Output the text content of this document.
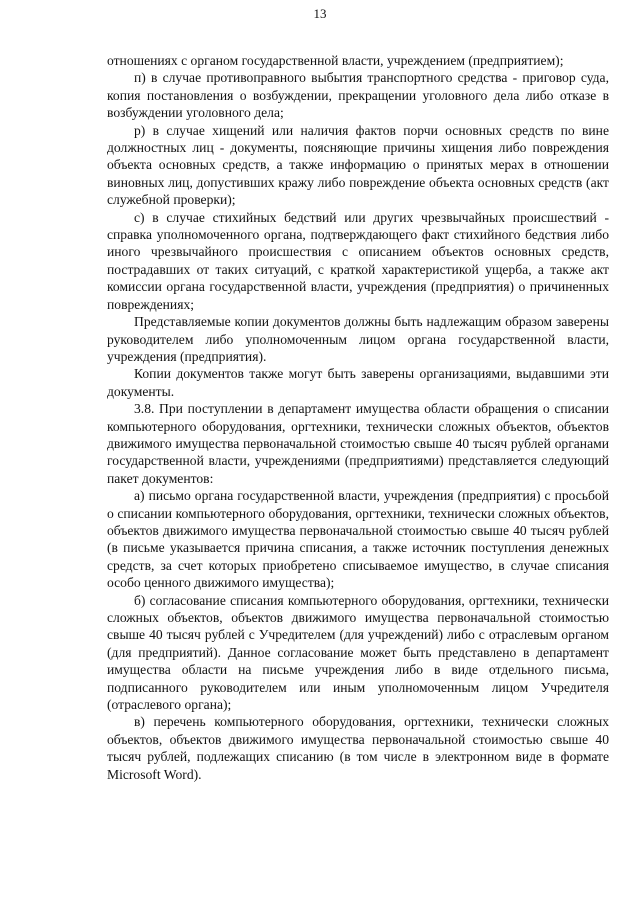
13

отношениях с органом государственной власти, учреждением (предприятием);

п) в случае противоправного выбытия транспортного средства - приговор суда, копия постановления о возбуждении, прекращении уголовного дела либо отказе в возбуждении уголовного дела;

р) в случае хищений или наличия фактов порчи основных средств по вине должностных лиц - документы, поясняющие причины хищения либо повреждения объекта основных средств, а также информацию о принятых мерах в отношении виновных лиц, допустивших кражу либо повреждение объекта основных средств (акт служебной проверки);

с) в случае стихийных бедствий или других чрезвычайных происшествий - справка уполномоченного органа, подтверждающего факт стихийного бедствия либо иного чрезвычайного происшествия с описанием объектов основных средств, пострадавших от таких ситуаций, с краткой характеристикой ущерба, а также акт комиссии органа государственной власти, учреждения (предприятия) о причиненных повреждениях;

Представляемые копии документов должны быть надлежащим образом заверены руководителем либо уполномоченным лицом органа государственной власти, учреждения (предприятия).

Копии документов также могут быть заверены организациями, выдавшими эти документы.

3.8. При поступлении в департамент имущества области обращения о списании компьютерного оборудования, оргтехники, технически сложных объектов, объектов движимого имущества первоначальной стоимостью свыше 40 тысяч рублей органами государственной власти, учреждениями (предприятиями) представляется следующий пакет документов:

а) письмо органа государственной власти, учреждения (предприятия) с просьбой о списании компьютерного оборудования, оргтехники, технически сложных объектов, объектов движимого имущества первоначальной стоимостью свыше 40 тысяч рублей (в письме указывается причина списания, а также источник поступления денежных средств, за счет которых приобретено списываемое имущество, в случае списания особо ценного движимого имущества);

б) согласование списания компьютерного оборудования, оргтехники, технически сложных объектов, объектов движимого имущества первоначальной стоимостью свыше 40 тысяч рублей с Учредителем (для учреждений) либо с отраслевым органом (для предприятий). Данное согласование может быть представлено в департамент имущества области на письме учреждения либо в виде отдельного письма, подписанного руководителем или иным уполномоченным лицом Учредителя (отраслевого органа);

в) перечень компьютерного оборудования, оргтехники, технически сложных объектов, объектов движимого имущества первоначальной стоимостью свыше 40 тысяч рублей, подлежащих списанию (в том числе в электронном виде в формате Microsoft Word).
